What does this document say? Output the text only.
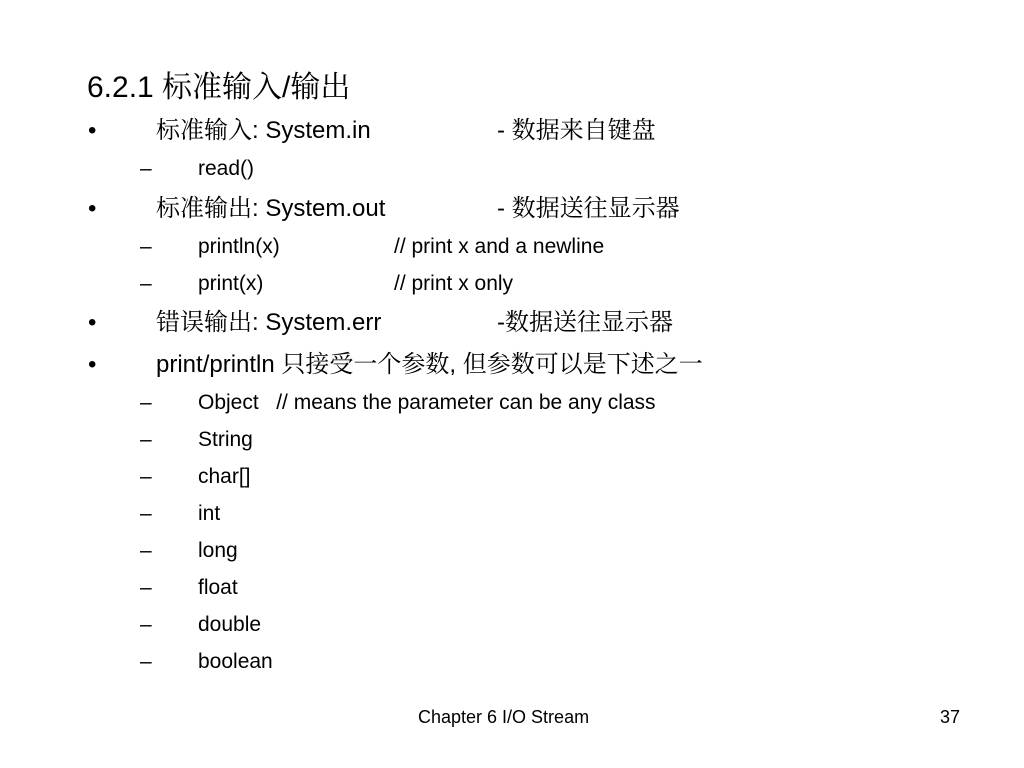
6.2.1 标准输入/输出
• 标准输入: System.in	- 数据来自键盘
– read()
• 标准输出: System.out	- 数据送往显示器
– println(x)	// print x and a newline
– print(x)	// print x only
• 错误输出: System.err	-数据送往显示器
• print/println 只接受一个参数, 但参数可以是下述之一
– Object   // means the parameter can be any class
– String
– char[]
– int
– long
– float
– double
– boolean
Chapter 6 I/O Stream	37
